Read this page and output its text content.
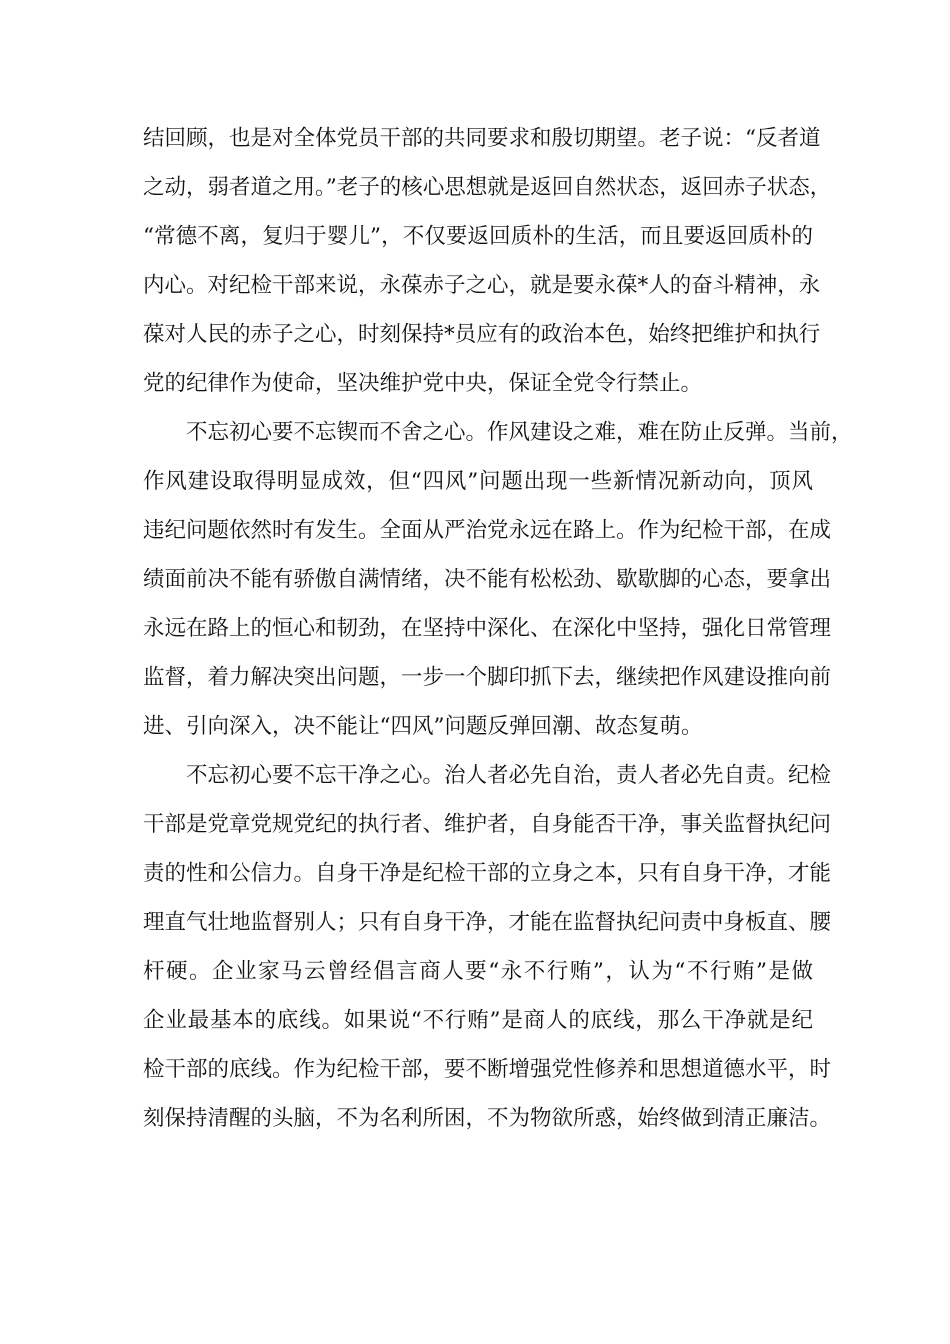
结回顾，也是对全体党员干部的共同要求和殷切期望。老子说：“反者道
之动，弱者道之用。”老子的核心思想就是返回自然状态，返回赤子状态，
“常德不离，复归于婴儿”，不仅要返回质朴的生活，而且要返回质朴的
内心。对纪检干部来说，永葆赤子之心，就是要永葆*人的奋斗精神，永
葆对人民的赤子之心，时刻保持*员应有的政治本色，始终把维护和执行
党的纪律作为使命，坚决维护党中央，保证全党令行禁止。
不忘初心要不忘锲而不舍之心。作风建设之难，难在防止反弹。当前，
作风建设取得明显成效，但“四风”问题出现一些新情况新动向，顶风
违纪问题依然时有发生。全面从严治党永远在路上。作为纪检干部，在成
绩面前决不能有骄傲自满情绪，决不能有松松劲、歇歇脚的心态，要拿出
永远在路上的恒心和韧劲，在坚持中深化、在深化中坚持，强化日常管理
监督，着力解决突出问题，一步一个脚印抓下去，继续把作风建设推向前
进、引向深入，决不能让“四风”问题反弹回潮、故态复萌。
不忘初心要不忘干净之心。治人者必先自治，责人者必先自责。纪检
干部是党章党规党纪的执行者、维护者，自身能否干净，事关监督执纪问
责的性和公信力。自身干净是纪检干部的立身之本，只有自身干净，才能
理直气壮地监督别人；只有自身干净，才能在监督执纪问责中身板直、腰
杆硬。企业家马云曾经倡言商人要“永不行贿”，认为“不行贿”是做
企业最基本的底线。如果说“不行贿”是商人的底线，那么干净就是纪
检干部的底线。作为纪检干部，要不断增强党性修养和思想道德水平，时
刻保持清醒的头脑，不为名利所困，不为物欲所惑，始终做到清正廉洁。
